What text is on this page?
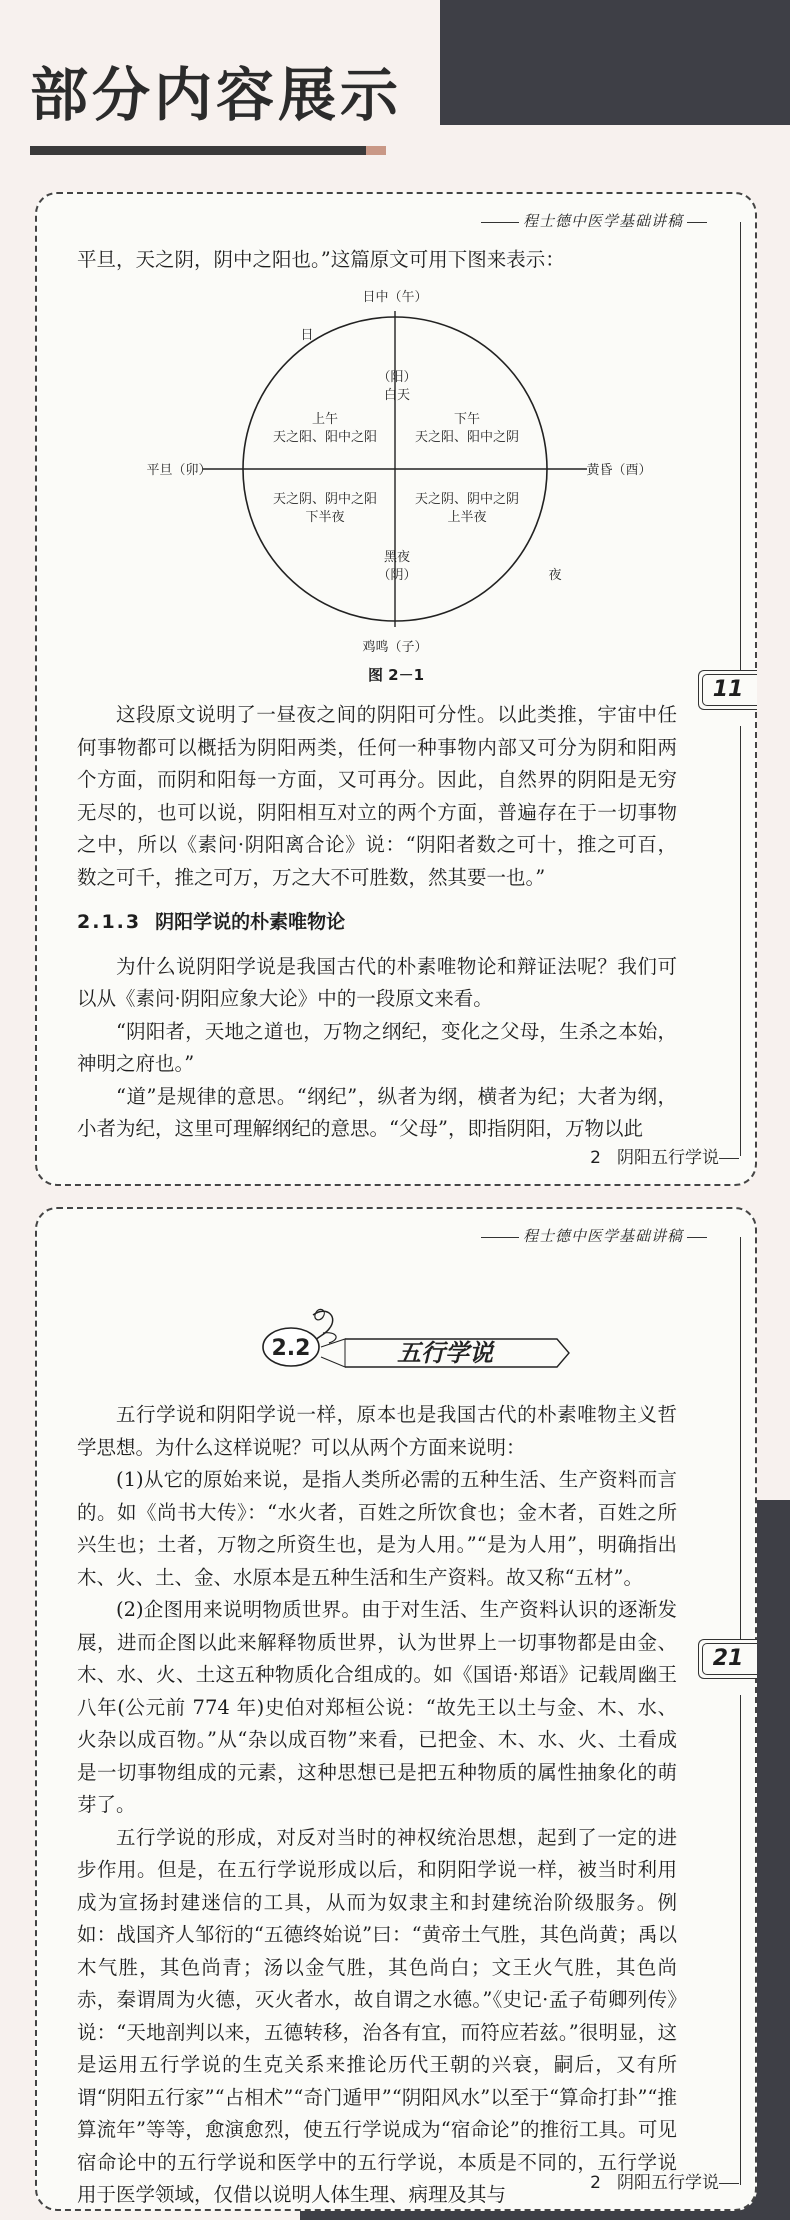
部分内容展示
程士德中医学基础讲稿
11

平旦，天之阴，阴中之阳也。”这篇原文可用下图来表示：

日中（午）
日
夜
平旦（卯）	黄昏（酉）
鸡鸣（子）
（阳）
白天
黑夜
（阴）
上午
天之阳、阳中之阳
下午
天之阳、阳中之阴
天之阴、阴中之阳
下半夜
天之阴、阴中之阴
上半夜
图 2－1

这段原文说明了一昼夜之间的阴阳可分性。以此类推，宇宙中任何事物都可以概括为阴阳两类，任何一种事物内部又可分为阴和阳两个方面，而阴和阳每一方面，又可再分。因此，自然界的阴阳是无穷无尽的，也可以说，阴阳相互对立的两个方面，普遍存在于一切事物之中，所以《素问·阴阳离合论》说：“阴阳者数之可十，推之可百，数之可千，推之可万，万之大不可胜数，然其要一也。”

2.1.3 阴阳学说的朴素唯物论

为什么说阴阳学说是我国古代的朴素唯物论和辩证法呢？我们可以从《素问·阴阳应象大论》中的一段原文来看。

“阴阳者，天地之道也，万物之纲纪，变化之父母，生杀之本始，神明之府也。”

“道”是规律的意思。“纲纪”，纵者为纲，横者为纪；大者为纲，小者为纪，这里可理解纲纪的意思。“父母”，即指阴阳，万物以此

2 阴阳五行学说
程士德中医学基础讲稿
21
2.2	五行学说

五行学说和阴阳学说一样，原本也是我国古代的朴素唯物主义哲学思想。为什么这样说呢？可以从两个方面来说明：

(1)从它的原始来说，是指人类所必需的五种生活、生产资料而言的。如《尚书大传》：“水火者，百姓之所饮食也；金木者，百姓之所兴生也；土者，万物之所资生也，是为人用。”“是为人用”，明确指出木、火、土、金、水原本是五种生活和生产资料。故又称“五材”。

(2)企图用来说明物质世界。由于对生活、生产资料认识的逐渐发展，进而企图以此来解释物质世界，认为世界上一切事物都是由金、木、水、火、土这五种物质化合组成的。如《国语·郑语》记载周幽王八年(公元前 774 年)史伯对郑桓公说：“故先王以土与金、木、水、火杂以成百物。”从“杂以成百物”来看，已把金、木、水、火、土看成是一切事物组成的元素，这种思想已是把五种物质的属性抽象化的萌芽了。

五行学说的形成，对反对当时的神权统治思想，起到了一定的进步作用。但是，在五行学说形成以后，和阴阳学说一样，被当时利用成为宣扬封建迷信的工具，从而为奴隶主和封建统治阶级服务。例如：战国齐人邹衍的“五德终始说”曰：“黄帝土气胜，其色尚黄；禹以木气胜，其色尚青；汤以金气胜，其色尚白；文王火气胜，其色尚赤，秦谓周为火德，灭火者水，故自谓之水德。”《史记·孟子荀卿列传》说：“天地剖判以来，五德转移，治各有宜，而符应若兹。”很明显，这是运用五行学说的生克关系来推论历代王朝的兴衰，嗣后，又有所谓“阴阳五行家”“占相术”“奇门遁甲”“阴阳风水”以至于“算命打卦”“推算流年”等等，愈演愈烈，使五行学说成为“宿命论”的推衍工具。可见宿命论中的五行学说和医学中的五行学说，本质是不同的，五行学说用于医学领域，仅借以说明人体生理、病理及其与	2 阴阳五行学说
